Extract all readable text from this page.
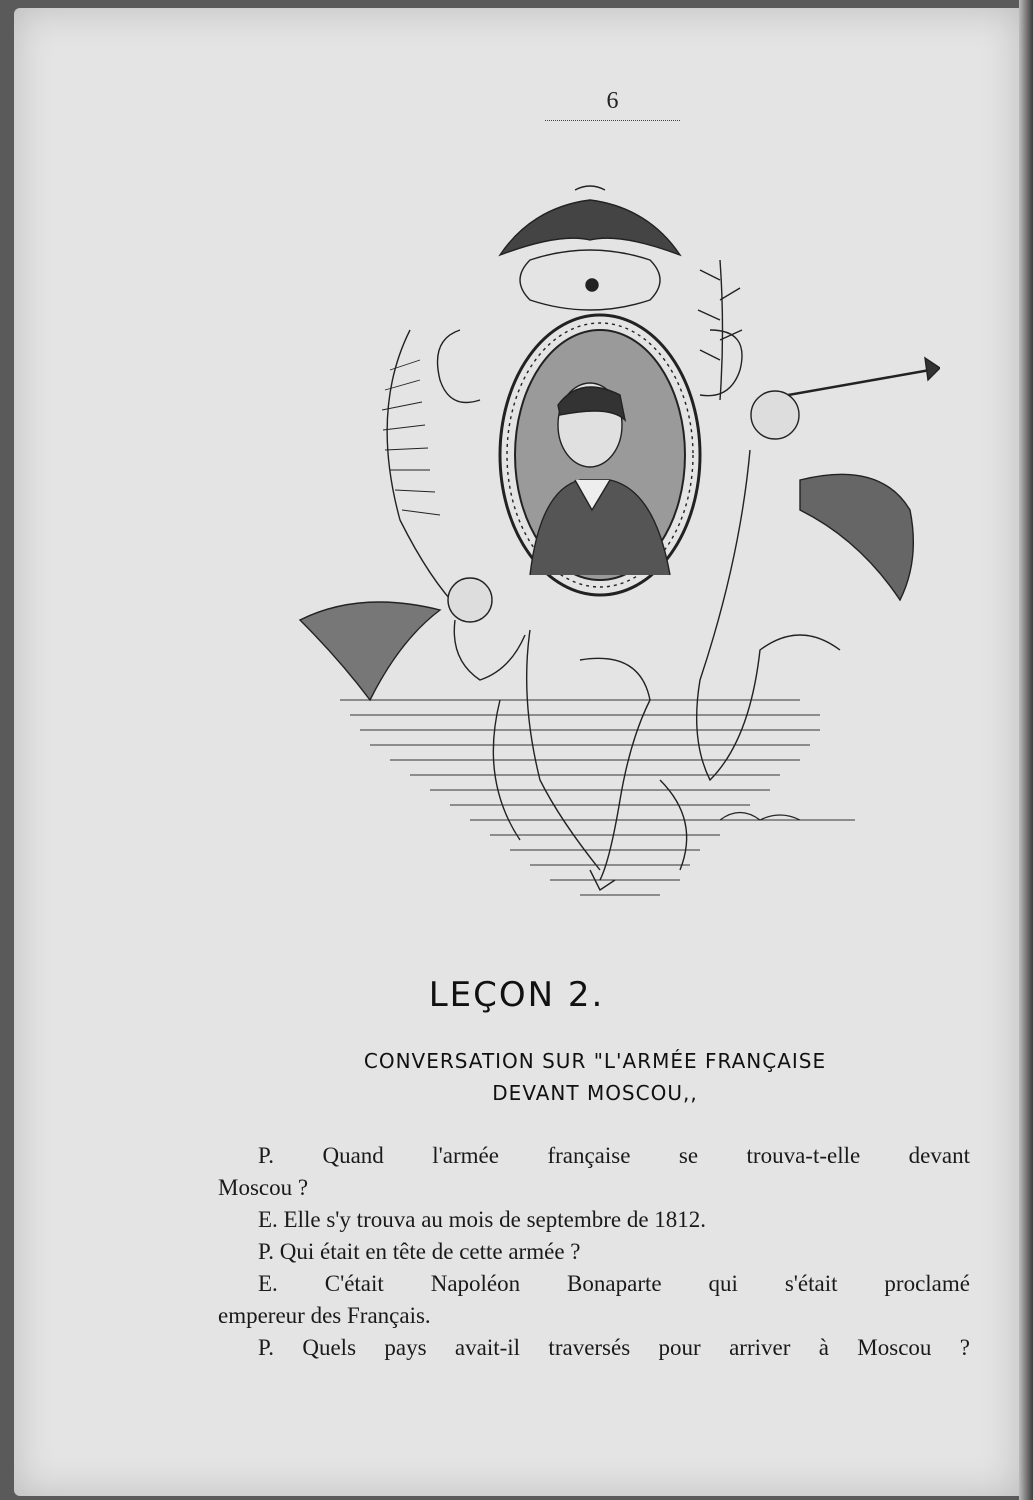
6
LEÇON 2.
CONVERSATION SUR "L'ARMÉE FRANÇAISE
DEVANT MOSCOU,,
P. Quand l'armée française se trouva-t-elle devant
Moscou ?
E. Elle s'y trouva au mois de septembre de 1812.
P. Qui était en tête de cette armée ?
E. C'était Napoléon Bonaparte qui s'était proclamé
empereur des Français.
P. Quels pays avait-il traversés pour arriver à Moscou ?
